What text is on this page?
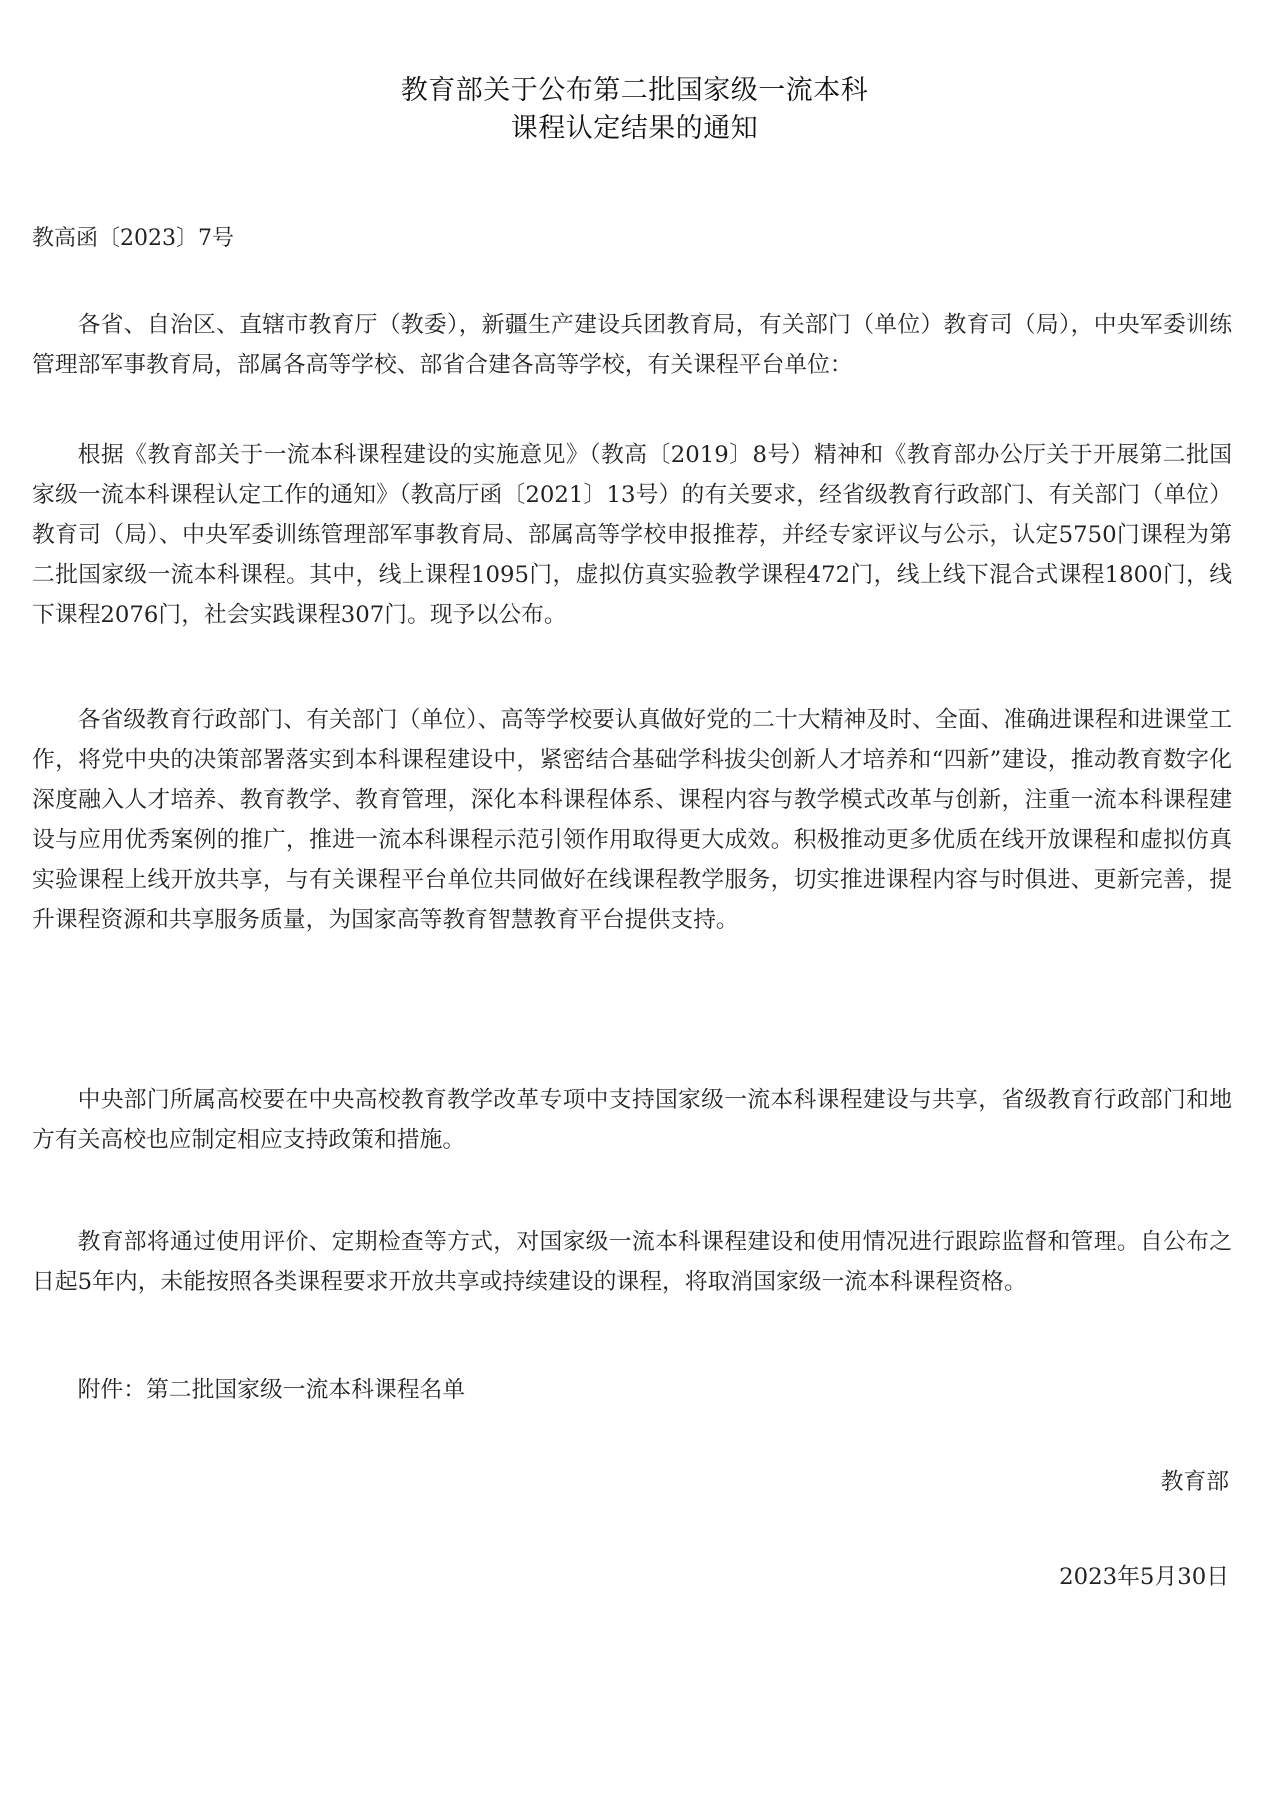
教育部关于公布第二批国家级一流本科
课程认定结果的通知
教高函〔2023〕7号

各省、自治区、直辖市教育厅（教委），新疆生产建设兵团教育局，有关部门（单位）教育司（局），中央军委训练管理部军事教育局，部属各高等学校、部省合建各高等学校，有关课程平台单位：

根据《教育部关于一流本科课程建设的实施意见》（教高〔2019〕8号）精神和《教育部办公厅关于开展第二批国家级一流本科课程认定工作的通知》（教高厅函〔2021〕13号）的有关要求，经省级教育行政部门、有关部门（单位）教育司（局）、中央军委训练管理部军事教育局、部属高等学校申报推荐，并经专家评议与公示，认定5750门课程为第二批国家级一流本科课程。其中，线上课程1095门，虚拟仿真实验教学课程472门，线上线下混合式课程1800门，线下课程2076门，社会实践课程307门。现予以公布。

各省级教育行政部门、有关部门（单位）、高等学校要认真做好党的二十大精神及时、全面、准确进课程和进课堂工作，将党中央的决策部署落实到本科课程建设中，紧密结合基础学科拔尖创新人才培养和“四新”建设，推动教育数字化深度融入人才培养、教育教学、教育管理，深化本科课程体系、课程内容与教学模式改革与创新，注重一流本科课程建设与应用优秀案例的推广，推进一流本科课程示范引领作用取得更大成效。积极推动更多优质在线开放课程和虚拟仿真实验课程上线开放共享，与有关课程平台单位共同做好在线课程教学服务，切实推进课程内容与时俱进、更新完善，提升课程资源和共享服务质量，为国家高等教育智慧教育平台提供支持。

中央部门所属高校要在中央高校教育教学改革专项中支持国家级一流本科课程建设与共享，省级教育行政部门和地方有关高校也应制定相应支持政策和措施。

教育部将通过使用评价、定期检查等方式，对国家级一流本科课程建设和使用情况进行跟踪监督和管理。自公布之日起5年内，未能按照各类课程要求开放共享或持续建设的课程，将取消国家级一流本科课程资格。

附件：第二批国家级一流本科课程名单

教育部
2023年5月30日
